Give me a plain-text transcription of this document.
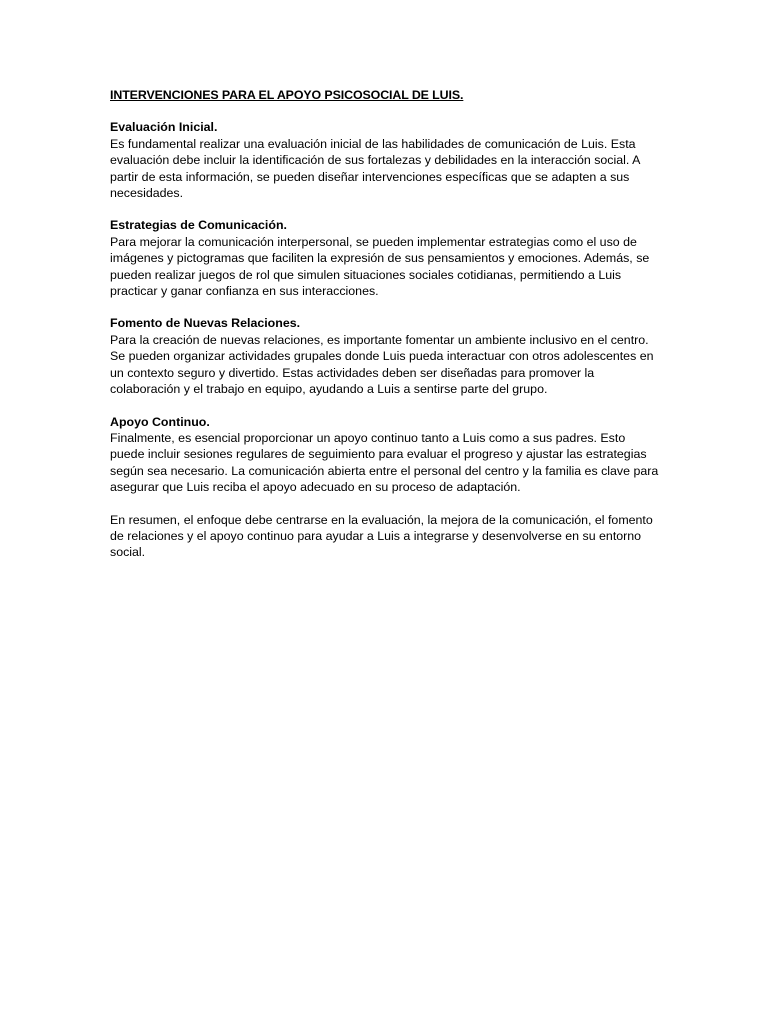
INTERVENCIONES PARA EL APOYO PSICOSOCIAL DE LUIS.

Evaluación Inicial.

Es fundamental realizar una evaluación inicial de las habilidades de comunicación de Luis. Esta evaluación debe incluir la identificación de sus fortalezas y debilidades en la interacción social. A partir de esta información, se pueden diseñar intervenciones específicas que se adapten a sus necesidades.

Estrategias de Comunicación.

Para mejorar la comunicación interpersonal, se pueden implementar estrategias como el uso de imágenes y pictogramas que faciliten la expresión de sus pensamientos y emociones. Además, se pueden realizar juegos de rol que simulen situaciones sociales cotidianas, permitiendo a Luis practicar y ganar confianza en sus interacciones.

Fomento de Nuevas Relaciones.

Para la creación de nuevas relaciones, es importante fomentar un ambiente inclusivo en el centro. Se pueden organizar actividades grupales donde Luis pueda interactuar con otros adolescentes en un contexto seguro y divertido. Estas actividades deben ser diseñadas para promover la colaboración y el trabajo en equipo, ayudando a Luis a sentirse parte del grupo.

Apoyo Continuo.

Finalmente, es esencial proporcionar un apoyo continuo tanto a Luis como a sus padres. Esto puede incluir sesiones regulares de seguimiento para evaluar el progreso y ajustar las estrategias según sea necesario. La comunicación abierta entre el personal del centro y la familia es clave para asegurar que Luis reciba el apoyo adecuado en su proceso de adaptación.

En resumen, el enfoque debe centrarse en la evaluación, la mejora de la comunicación, el fomento de relaciones y el apoyo continuo para ayudar a Luis a integrarse y desenvolverse en su entorno social.
